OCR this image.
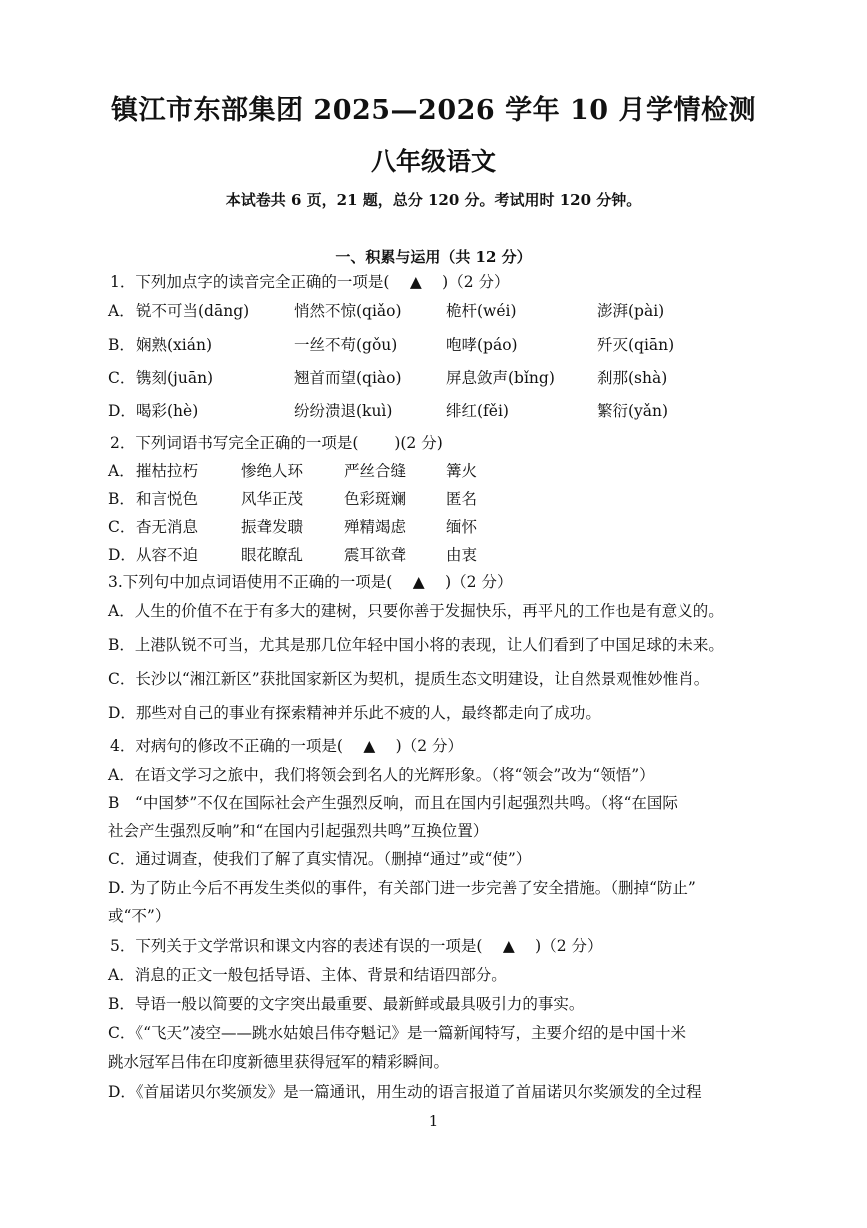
镇江市东部集团 2025—2026 学年 10 月学情检测
八年级语文
本试卷共 6 页，21 题，总分 120 分。考试用时 120 分钟。
一、积累与运用（共 12 分）
1．下列加点字的读音完全正确的一项是(　 ▲　 )（2 分）
A． 锐不可当(dāng)	悄然不惊(qiǎo)	桅杆(wéi)	澎湃(pài)
B． 娴熟(xián)	一丝不苟(gǒu)	咆哮(páo)	歼灭(qiān)
C． 镌刻(juān)	翘首而望(qiào)	屏息敛声(bǐng)	刹那(shà)
D． 喝彩(hè)	纷纷溃退(kuì)	绯红(fěi)	繁衍(yǎn)
2．下列词语书写完全正确的一项是(　　 )(2 分)
A． 摧枯拉朽	惨绝人环	严丝合缝	篝火
B． 和言悦色	风华正茂	色彩斑斓	匿名
C． 杳无消息	振聋发聩	殚精竭虑	缅怀
D． 从容不迫	眼花瞭乱	震耳欲聋	由衷
3.下列句中加点词语使用不正确的一项是(　 ▲　 )（2 分）
A．人生的价值不在于有多大的建树，只要你善于发掘快乐，再平凡的工作也是有意义的。
B．上港队锐不可当，尤其是那几位年轻中国小将的表现，让人们看到了中国足球的未来。
C．长沙以“湘江新区”获批国家新区为契机，提质生态文明建设，让自然景观惟妙惟肖。
D．那些对自己的事业有探索精神并乐此不疲的人，最终都走向了成功。
4．对病句的修改不正确的一项是(　 ▲　 )（2 分）
A．在语文学习之旅中，我们将领会到名人的光辉形象。（将“领会”改为“领悟”）
B　“中国梦”不仅在国际社会产生强烈反响，而且在国内引起强烈共鸣。（将“在国际
社会产生强烈反响”和“在国内引起强烈共鸣”互换位置）
C．通过调查，使我们了解了真实情况。（删掉“通过”或“使”）
D. 为了防止今后不再发生类似的事件，有关部门进一步完善了安全措施。（删掉“防止”
或“不”）
5．下列关于文学常识和课文内容的表述有误的一项是(　 ▲　 )（2 分）
A．消息的正文一般包括导语、主体、背景和结语四部分。
B．导语一般以简要的文字突出最重要、最新鲜或最具吸引力的事实。
C．《“飞天”凌空——跳水姑娘吕伟夺魁记》是一篇新闻特写，主要介绍的是中国十米
跳水冠军吕伟在印度新德里获得冠军的精彩瞬间。
D．《首届诺贝尔奖颁发》是一篇通讯，用生动的语言报道了首届诺贝尔奖颁发的全过程
1
